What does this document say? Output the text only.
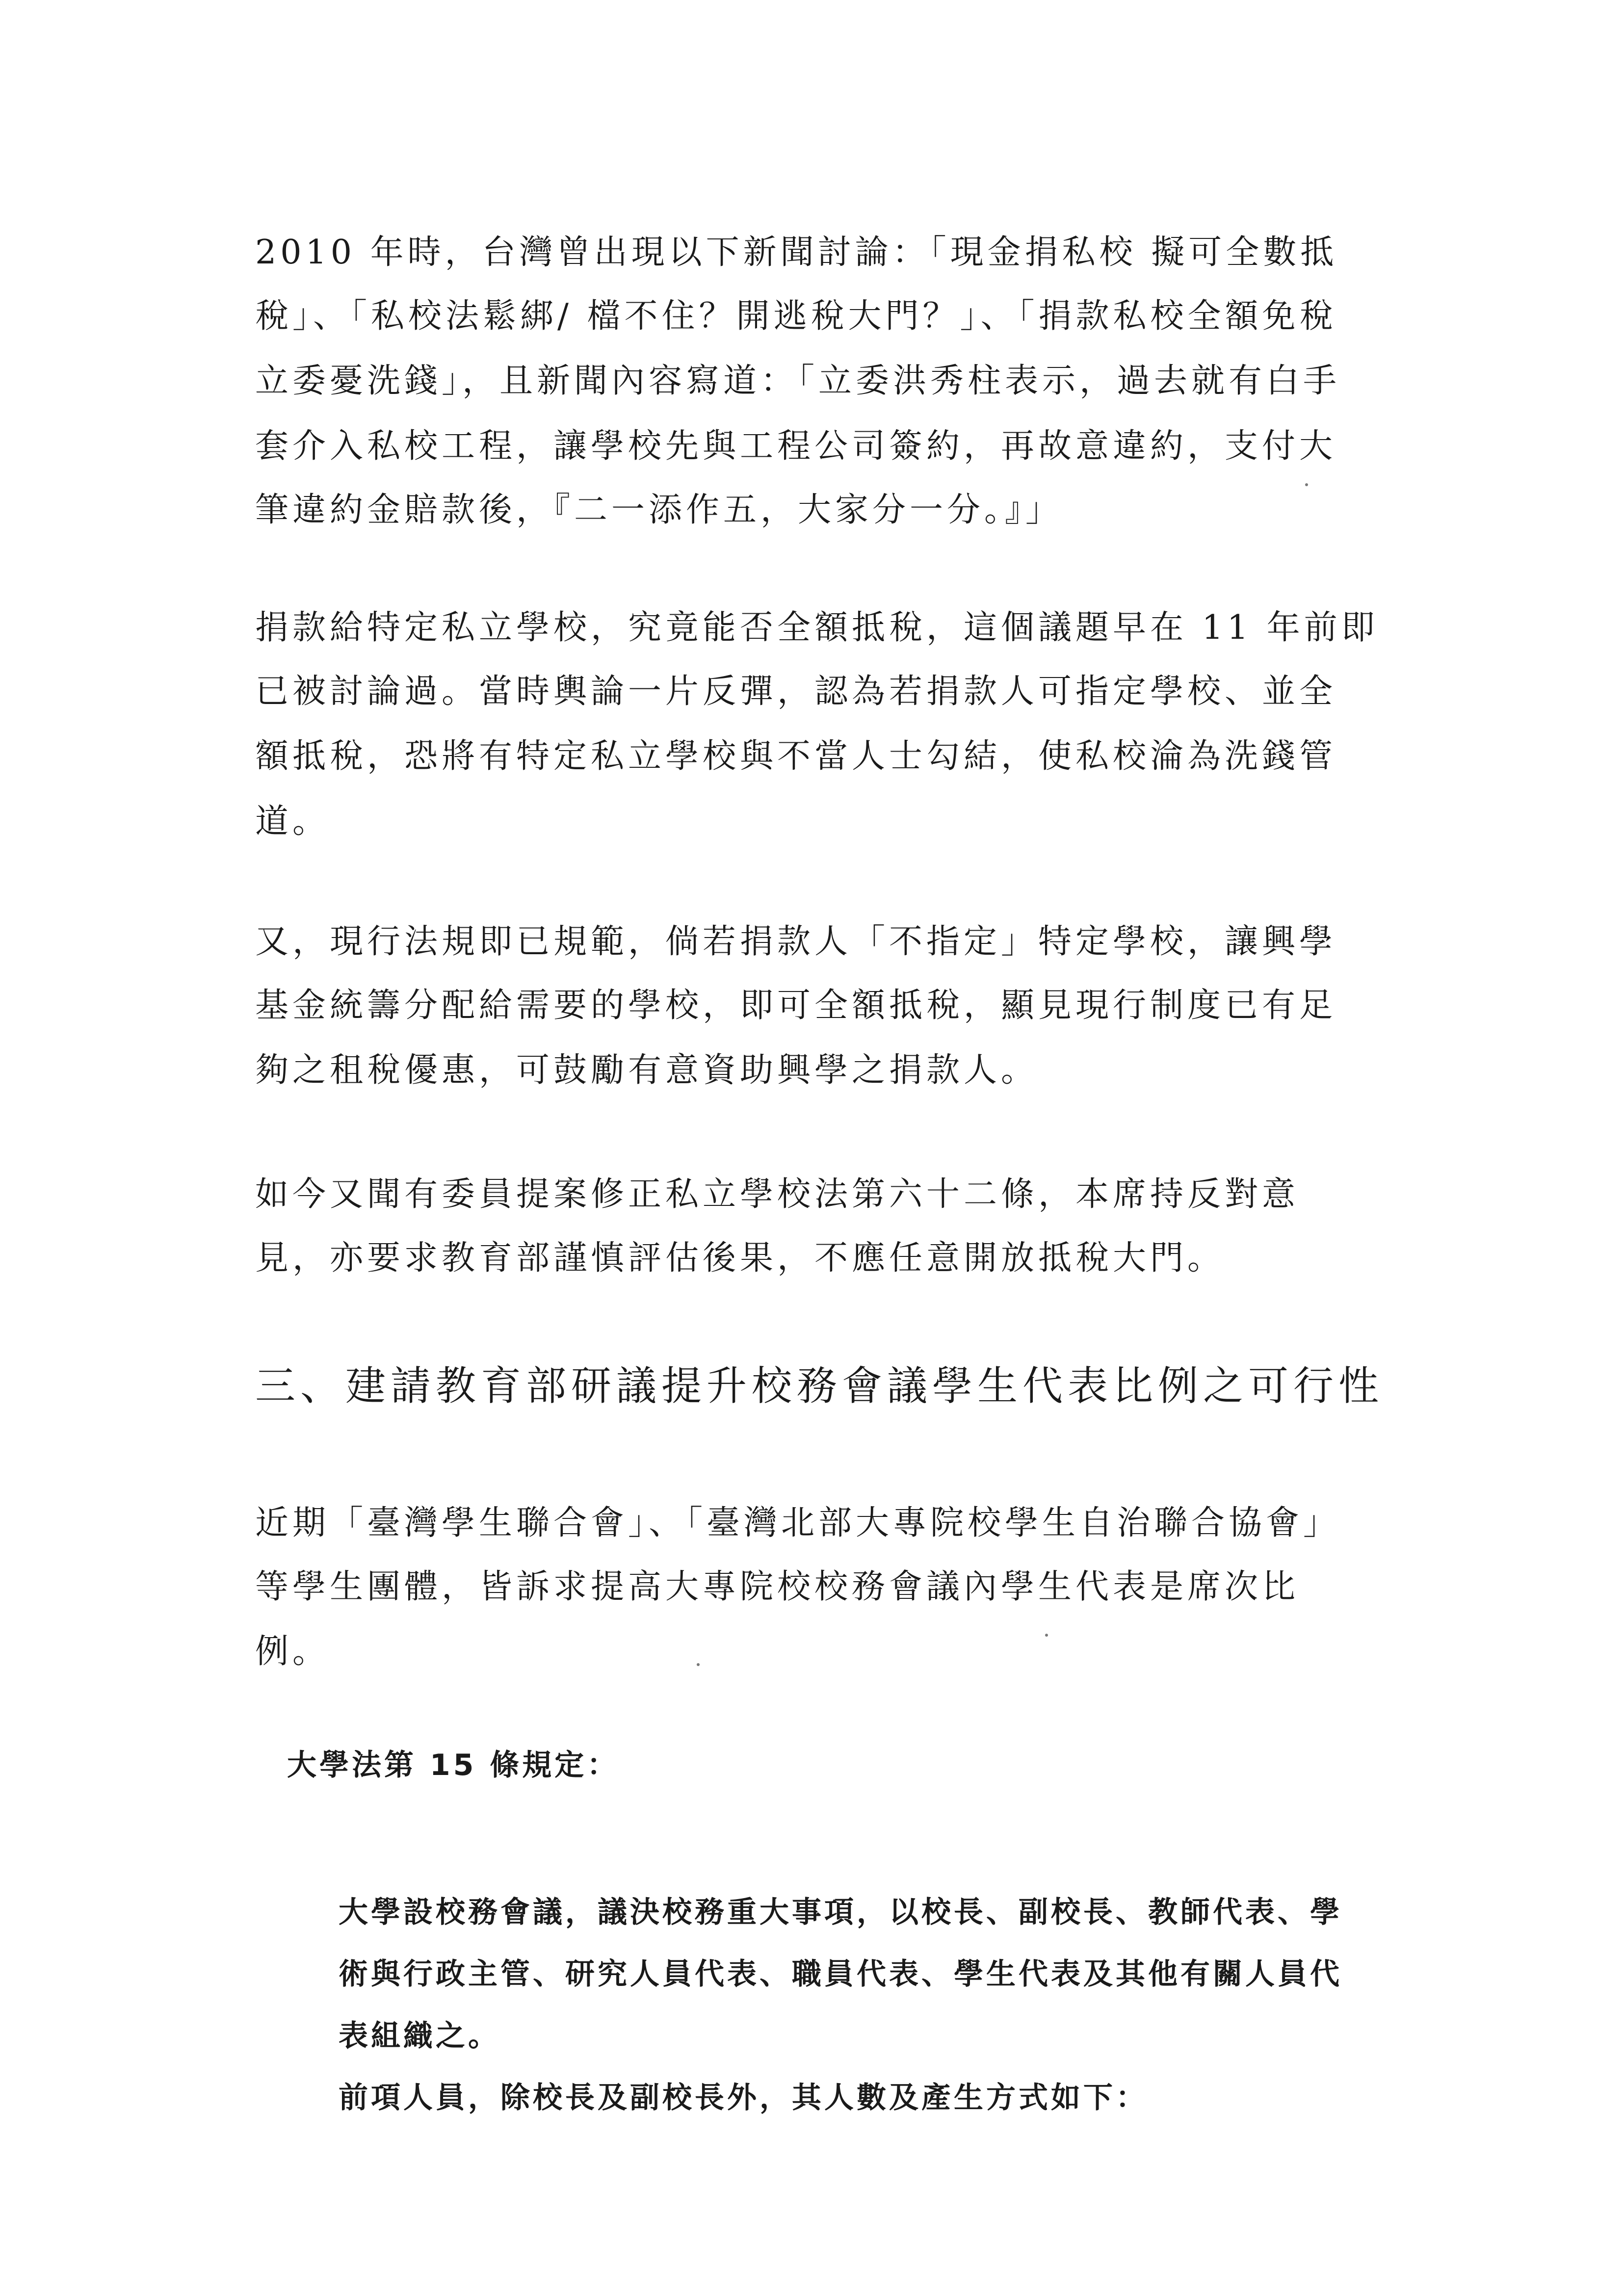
2010 年時，台灣曾出現以下新聞討論：「現金捐私校 擬可全數抵
稅」、「私校法鬆綁/ 檔不住？開逃稅大門？」、「捐款私校全額免稅
立委憂洗錢」，且新聞內容寫道：「立委洪秀柱表示，過去就有白手
套介入私校工程，讓學校先與工程公司簽約，再故意違約，支付大
筆違約金賠款後，『二一添作五，大家分一分。』」
捐款給特定私立學校，究竟能否全額抵稅，這個議題早在 11 年前即
已被討論過。當時輿論一片反彈，認為若捐款人可指定學校、並全
額抵稅，恐將有特定私立學校與不當人士勾結，使私校淪為洗錢管
道。
又，現行法規即已規範，倘若捐款人「不指定」特定學校，讓興學
基金統籌分配給需要的學校，即可全額抵稅，顯見現行制度已有足
夠之租稅優惠，可鼓勵有意資助興學之捐款人。
如今又聞有委員提案修正私立學校法第六十二條，本席持反對意
見，亦要求教育部謹慎評估後果，不應任意開放抵稅大門。
三、建請教育部研議提升校務會議學生代表比例之可行性
近期「臺灣學生聯合會」、「臺灣北部大專院校學生自治聯合協會」
等學生團體，皆訴求提高大專院校校務會議內學生代表是席次比
例。
大學法第 15 條規定：
大學設校務會議，議決校務重大事項，以校長、副校長、教師代表、學
術與行政主管、研究人員代表、職員代表、學生代表及其他有關人員代
表組織之。
前項人員，除校長及副校長外，其人數及產生方式如下：
